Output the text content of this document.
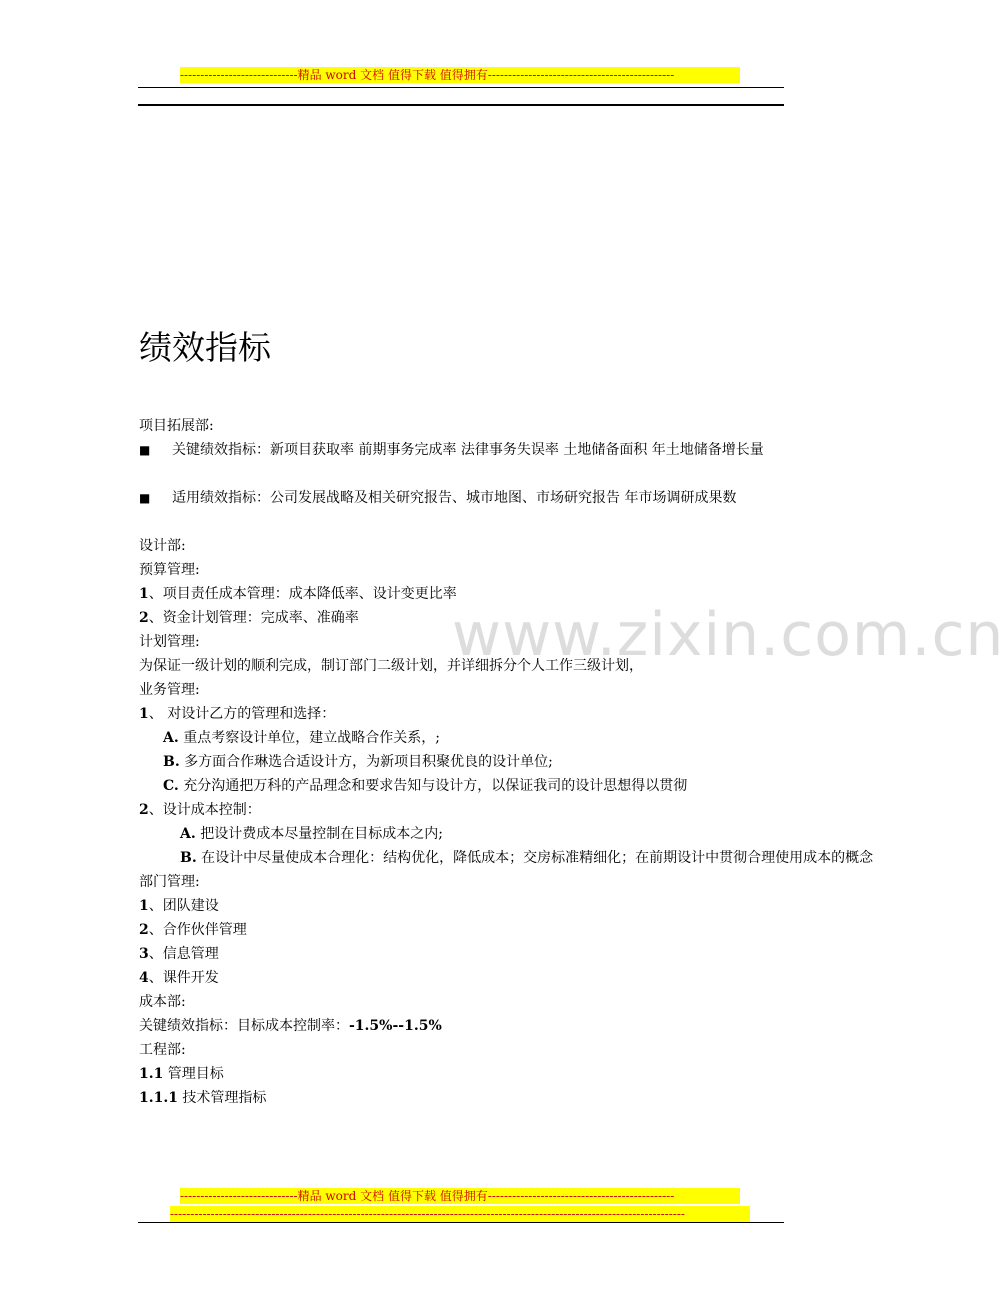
-----------------------------精品 word 文档 值得下载 值得拥有----------------------------------------------
www.zixin.com.cn
绩效指标
项目拓展部:
■ 关键绩效指标：新项目获取率 前期事务完成率 法律事务失误率 土地储备面积 年土地储备增长量
■ 适用绩效指标：公司发展战略及相关研究报告、城市地图、市场研究报告 年市场调研成果数
设计部:
预算管理:
1、项目责任成本管理：成本降低率、设计变更比率
2、资金计划管理：完成率、准确率
计划管理:
为保证一级计划的顺利完成，制订部门二级计划，并详细拆分个人工作三级计划，
业务管理:
1、 对设计乙方的管理和选择：
A. 重点考察设计单位，建立战略合作关系，;
B. 多方面合作琳选合适设计方，为新项目积聚优良的设计单位;
C. 充分沟通把万科的产品理念和要求告知与设计方，以保证我司的设计思想得以贯彻
2、设计成本控制：
A. 把设计费成本尽量控制在目标成本之内;
B. 在设计中尽量使成本合理化：结构优化，降低成本；交房标准精细化；在前期设计中贯彻合理使用成本的概念
部门管理:
1、团队建设
2、合作伙伴管理
3、信息管理
4、课件开发
成本部:
关键绩效指标：目标成本控制率：-1.5%--1.5%
工程部:
1.1 管理目标
1.1.1 技术管理指标
-----------------------------精品 word 文档 值得下载 值得拥有----------------------------------------------
-------------------------------------------------------------------------------------------------------------------------------
